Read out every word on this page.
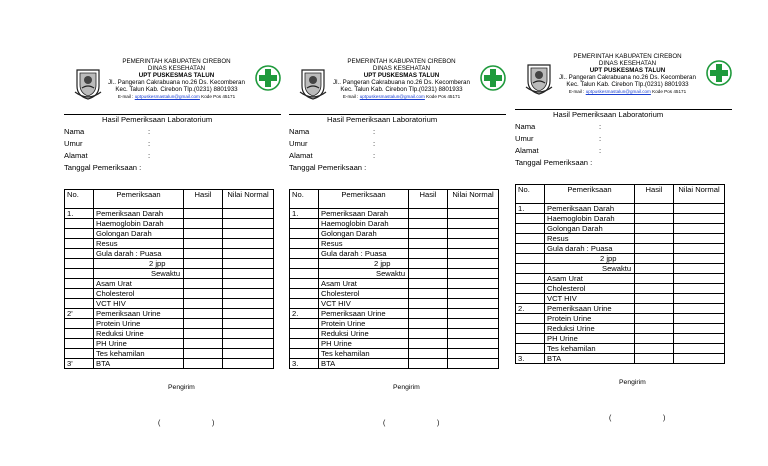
PEMERINTAH KABUPATEN CIREBON
DINAS KESEHATAN
UPT PUSKESMAS TALUN
Jl.. Pangeran Cakrabuana no.26 Ds. Kecomberan
Kec. Talun Kab. Cirebon Tlp.(0231) 8801933
E-mail : uptpuskesmastalun@gmail.com Kode Pos 45171
Hasil Pemeriksaan Laboratorium
Nama	:
Umur	:
Alamat	:
Tanggal Pemeriksaan :
No.	Pemeriksaan	Hasil	Nilai Normal
1.	Pemeriksaan Darah		
	Haemoglobin Darah		
	Golongan Darah		
	Resus		
	Gula darah : Puasa		
	2 jpp		
	Sewaktu		
	Asam Urat		
	Cholesterol		
	VCT HIV		
2'	Pemeriksaan Urine		
	Protein Urine		
	Reduksi Urine		
	PH Urine		
	Tes kehamilan		
3'	BTA		
Pengirim
(	)
PEMERINTAH KABUPATEN CIREBON
DINAS KESEHATAN
UPT PUSKESMAS TALUN
Jl.. Pangeran Cakrabuana no.26 Ds. Kecomberan
Kec. Talun Kab. Cirebon Tlp.(0231) 8801933
E-mail : uptpuskesmastalun@gmail.com Kode Pos 45171
Hasil Pemeriksaan Laboratorium
Nama	:
Umur	:
Alamat	:
Tanggal Pemeriksaan :
No.	Pemeriksaan	Hasil	Nilai Normal
1.	Pemeriksaan Darah		
	Haemoglobin Darah		
	Golongan Darah		
	Resus		
	Gula darah : Puasa		
	2 jpp		
	Sewaktu		
	Asam Urat		
	Cholesterol		
	VCT HIV		
2.	Pemeriksaan Urine		
	Protein Urine		
	Reduksi Urine		
	PH Urine		
	Tes kehamilan		
3.	BTA		
Pengirim
(	)
PEMERINTAH KABUPATEN CIREBON
DINAS KESEHATAN
UPT PUSKESMAS TALUN
Jl.. Pangeran Cakrabuana no.26 Ds. Kecomberan
Kec. Talun Kab. Cirebon Tlp.(0231) 8801933
E-mail : uptpuskesmastalun@gmail.com Kode Pos 45171
Hasil Pemeriksaan Laboratorium
Nama	:
Umur	:
Alamat	:
Tanggal Pemeriksaan :
No.	Pemeriksaan	Hasil	Nilai Normal
1.	Pemeriksaan Darah		
	Haemoglobin Darah		
	Golongan Darah		
	Resus		
	Gula darah : Puasa		
	2 jpp		
	Sewaktu		
	Asam Urat		
	Cholesterol		
	VCT HIV		
2.	Pemeriksaan Urine		
	Protein Urine		
	Reduksi Urine		
	PH Urine		
	Tes kehamilan		
3.	BTA		
Pengirim
(	)
